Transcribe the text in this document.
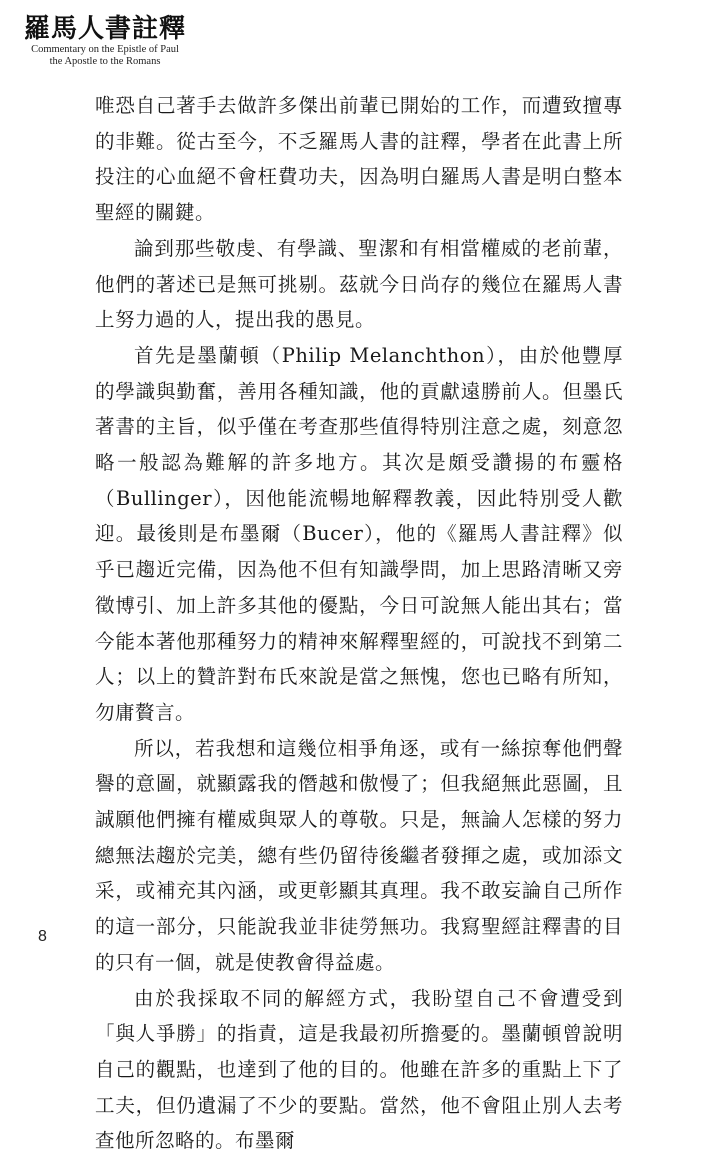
羅馬人書註釋
Commentary on the Epistle of Paul
the Apostle to the Romans

唯恐自己著手去做許多傑出前輩已開始的工作，而遭致擅專的非難。從古至今，不乏羅馬人書的註釋，學者在此書上所投注的心血絕不會枉費功夫，因為明白羅馬人書是明白整本聖經的關鍵。

論到那些敬虔、有學識、聖潔和有相當權威的老前輩，他們的著述已是無可挑剔。茲就今日尚存的幾位在羅馬人書上努力過的人，提出我的愚見。

首先是墨蘭頓（Philip Melanchthon），由於他豐厚的學識與勤奮，善用各種知識，他的貢獻遠勝前人。但墨氏著書的主旨，似乎僅在考查那些值得特別注意之處，刻意忽略一般認為難解的許多地方。其次是頗受讚揚的布靈格（Bullinger），因他能流暢地解釋教義，因此特別受人歡迎。最後則是布墨爾（Bucer），他的《羅馬人書註釋》似乎已趨近完備，因為他不但有知識學問，加上思路清晰又旁徵博引、加上許多其他的優點，今日可說無人能出其右；當今能本著他那種努力的精神來解釋聖經的，可說找不到第二人；以上的贊許對布氏來說是當之無愧，您也已略有所知，勿庸贅言。

所以，若我想和這幾位相爭角逐，或有一絲掠奪他們聲譽的意圖，就顯露我的僭越和傲慢了；但我絕無此惡圖，且誠願他們擁有權威與眾人的尊敬。只是，無論人怎樣的努力總無法趨於完美，總有些仍留待後繼者發揮之處，或加添文采，或補充其內涵，或更彰顯其真理。我不敢妄論自己所作的這一部分，只能說我並非徒勞無功。我寫聖經註釋書的目的只有一個，就是使教會得益處。

由於我採取不同的解經方式，我盼望自己不會遭受到「與人爭勝」的指責，這是我最初所擔憂的。墨蘭頓曾說明自己的觀點，也達到了他的目的。他雖在許多的重點上下了工夫，但仍遺漏了不少的要點。當然，他不會阻止別人去考查他所忽略的。布墨爾

8
